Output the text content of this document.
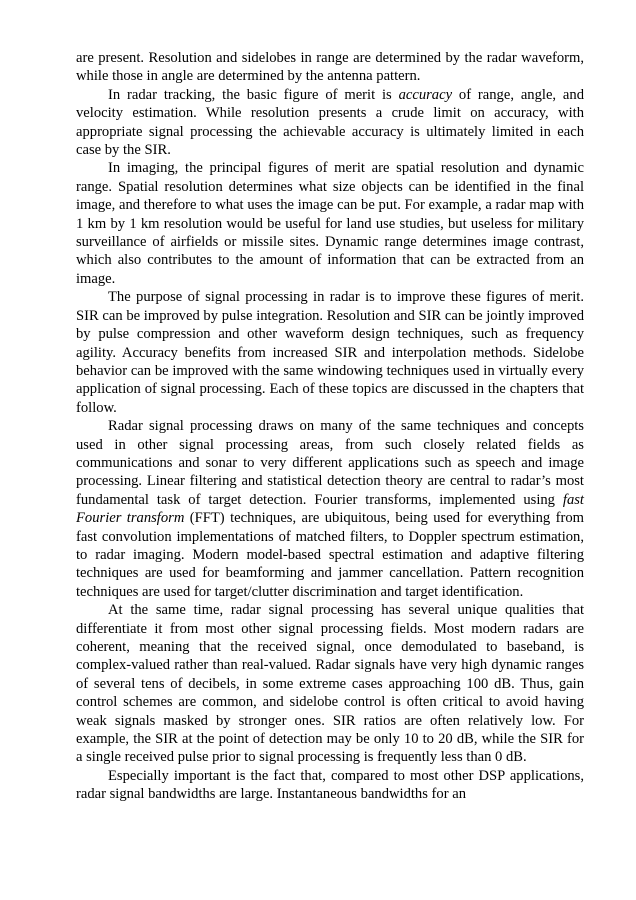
are present. Resolution and sidelobes in range are determined by the radar waveform, while those in angle are determined by the antenna pattern.

In radar tracking, the basic figure of merit is accuracy of range, angle, and velocity estimation. While resolution presents a crude limit on accuracy, with appropriate signal processing the achievable accuracy is ultimately limited in each case by the SIR.

In imaging, the principal figures of merit are spatial resolution and dynamic range. Spatial resolution determines what size objects can be identified in the final image, and therefore to what uses the image can be put. For example, a radar map with 1 km by 1 km resolution would be useful for land use studies, but useless for military surveillance of airfields or missile sites. Dynamic range determines image contrast, which also contributes to the amount of information that can be extracted from an image.

The purpose of signal processing in radar is to improve these figures of merit. SIR can be improved by pulse integration. Resolution and SIR can be jointly improved by pulse compression and other waveform design techniques, such as frequency agility. Accuracy benefits from increased SIR and interpolation methods. Sidelobe behavior can be improved with the same windowing techniques used in virtually every application of signal processing. Each of these topics are discussed in the chapters that follow.

Radar signal processing draws on many of the same techniques and concepts used in other signal processing areas, from such closely related fields as communications and sonar to very different applications such as speech and image processing. Linear filtering and statistical detection theory are central to radar’s most fundamental task of target detection. Fourier transforms, implemented using fast Fourier transform (FFT) techniques, are ubiquitous, being used for everything from fast convolution implementations of matched filters, to Doppler spectrum estimation, to radar imaging. Modern model-based spectral estimation and adaptive filtering techniques are used for beamforming and jammer cancellation. Pattern recognition techniques are used for target/clutter discrimination and target identification.

At the same time, radar signal processing has several unique qualities that differentiate it from most other signal processing fields. Most modern radars are coherent, meaning that the received signal, once demodulated to baseband, is complex-valued rather than real-valued. Radar signals have very high dynamic ranges of several tens of decibels, in some extreme cases approaching 100 dB. Thus, gain control schemes are common, and sidelobe control is often critical to avoid having weak signals masked by stronger ones. SIR ratios are often relatively low. For example, the SIR at the point of detection may be only 10 to 20 dB, while the SIR for a single received pulse prior to signal processing is frequently less than 0 dB.

Especially important is the fact that, compared to most other DSP applications, radar signal bandwidths are large. Instantaneous bandwidths for an
